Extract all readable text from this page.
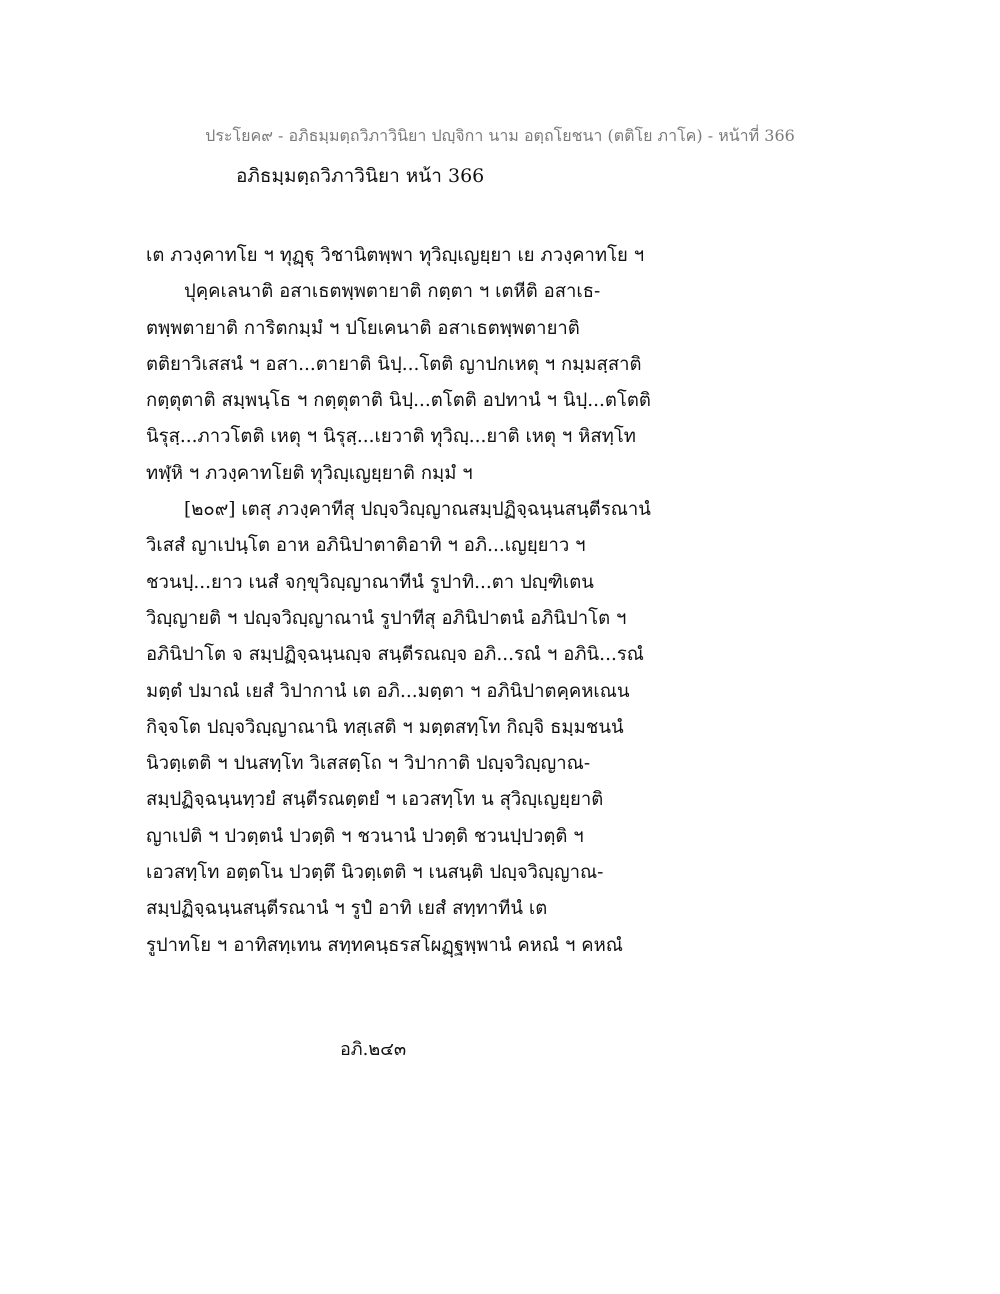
ประโยค๙ - อภิธมฺมตฺถวิภาวินิยา ปญฺจิกา นาม อตฺถโยชนา (ตติโย ภาโค) - หน้าที่ 366
อภิธมฺมตฺถวิภาวินิยา หน้า 366
เต ภวงฺคาทโย ฯ ทุฏฺฐุ วิชานิตพฺพา ทุวิญฺเญยฺยา เย ภวงฺคาทโย ฯ
ปุคฺคเลนาติ อสาเธตพฺพตายาติ กตฺตา ฯ เตหีติ อสาเธ-
ตพฺพตายาติ การิตกมฺมํ ฯ ปโยเคนาติ อสาเธตพฺพตายาติ
ตติยาวิเสสนํ ฯ อสา...ตายาติ นิปฺ...โตติ ญาปกเหตุ ฯ กมฺมสฺสาติ
กตฺตุตาติ สมฺพนฺโธ ฯ กตฺตุตาติ นิปฺ...ตโตติ อปทานํ ฯ นิปฺ...ตโตติ
นิรุสฺ...ภาวโตติ เหตุ ฯ นิรุสฺ...เยวาติ ทุวิญฺ...ยาติ เหตุ ฯ หิสทฺโท
ทฬฺหิ ฯ ภวงฺคาทโยติ ทุวิญฺเญยฺยาติ กมฺมํ ฯ
[๒๐๙] เตสุ ภวงฺคาทีสุ ปญฺจวิญฺญาณสมฺปฏิจฺฉนฺนสนฺตีรณานํ
วิเสสํ ญาเปนฺโต อาห อภินิปาตาติอาทิ ฯ อภิ...เญยฺยาว ฯ
ชวนปฺ...ยาว เนสํ จกฺขุวิญฺญาณาทีนํ รูปาทิ...ตา ปญฺฑิเตน
วิญฺญายติ ฯ ปญฺจวิญฺญาณานํ รูปาทีสุ อภินิปาตนํ อภินิปาโต ฯ
อภินิปาโต จ สมฺปฏิจฺฉนฺนญฺจ สนฺตีรณญฺจ อภิ...รณํ ฯ อภินิ...รณํ
มตฺตํ ปมาณํ เยสํ วิปากานํ เต อภิ...มตฺตา ฯ อภินิปาตคฺคหเณน
กิจฺจโต ปญฺจวิญฺญาณานิ ทสฺเสติ ฯ มตฺตสทฺโท กิญฺจิ ธมฺมชนนํ
นิวตฺเตติ ฯ ปนสทฺโท วิเสสตฺโถ ฯ วิปากาติ ปญฺจวิญฺญาณ-
สมฺปฏิจฺฉนฺนทฺวยํ สนฺตีรณตฺตยํ ฯ เอวสทฺโท น สุวิญฺเญยฺยาติ
ญาเปติ ฯ ปวตฺตนํ ปวตฺติ ฯ ชวนานํ ปวตฺติ ชวนปฺปวตฺติ ฯ
เอวสทฺโท อตฺตโน ปวตฺตึ นิวตฺเตติ ฯ เนสนฺติ ปญฺจวิญฺญาณ-
สมฺปฏิจฺฉนฺนสนฺตีรณานํ ฯ รูปํ อาทิ เยสํ สทฺทาทีนํ เต
รูปาทโย ฯ อาทิสทฺเทน สทฺทคนฺธรสโผฏฺฐพฺพานํ คหณํ ฯ คหณํ
อภิ.๒๔๓
